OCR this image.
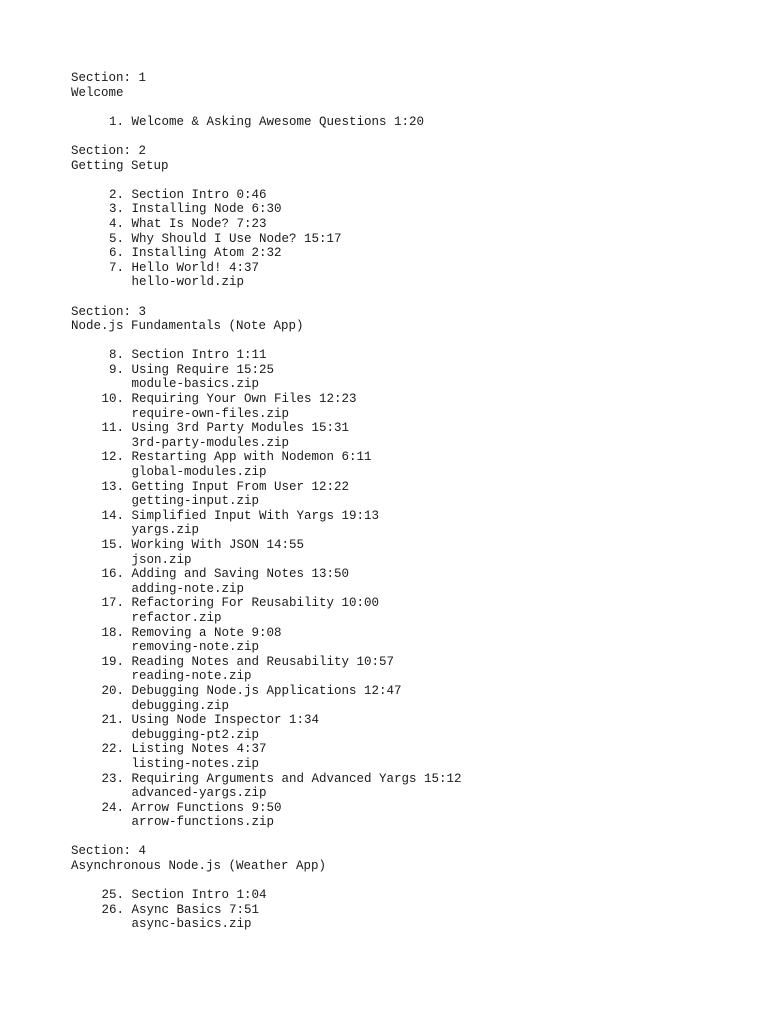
Section: 1
Welcome
1. Welcome & Asking Awesome Questions 1:20
Section: 2
Getting Setup
2. Section Intro 0:46
3. Installing Node 6:30
4. What Is Node? 7:23
5. Why Should I Use Node? 15:17
6. Installing Atom 2:32
7. Hello World! 4:37
hello-world.zip
Section: 3
Node.js Fundamentals (Note App)
8. Section Intro 1:11
9. Using Require 15:25
module-basics.zip
10. Requiring Your Own Files 12:23
require-own-files.zip
11. Using 3rd Party Modules 15:31
3rd-party-modules.zip
12. Restarting App with Nodemon 6:11
global-modules.zip
13. Getting Input From User 12:22
getting-input.zip
14. Simplified Input With Yargs 19:13
yargs.zip
15. Working With JSON 14:55
json.zip
16. Adding and Saving Notes 13:50
adding-note.zip
17. Refactoring For Reusability 10:00
refactor.zip
18. Removing a Note 9:08
removing-note.zip
19. Reading Notes and Reusability 10:57
reading-note.zip
20. Debugging Node.js Applications 12:47
debugging.zip
21. Using Node Inspector 1:34
debugging-pt2.zip
22. Listing Notes 4:37
listing-notes.zip
23. Requiring Arguments and Advanced Yargs 15:12
advanced-yargs.zip
24. Arrow Functions 9:50
arrow-functions.zip
Section: 4
Asynchronous Node.js (Weather App)
25. Section Intro 1:04
26. Async Basics 7:51
async-basics.zip
